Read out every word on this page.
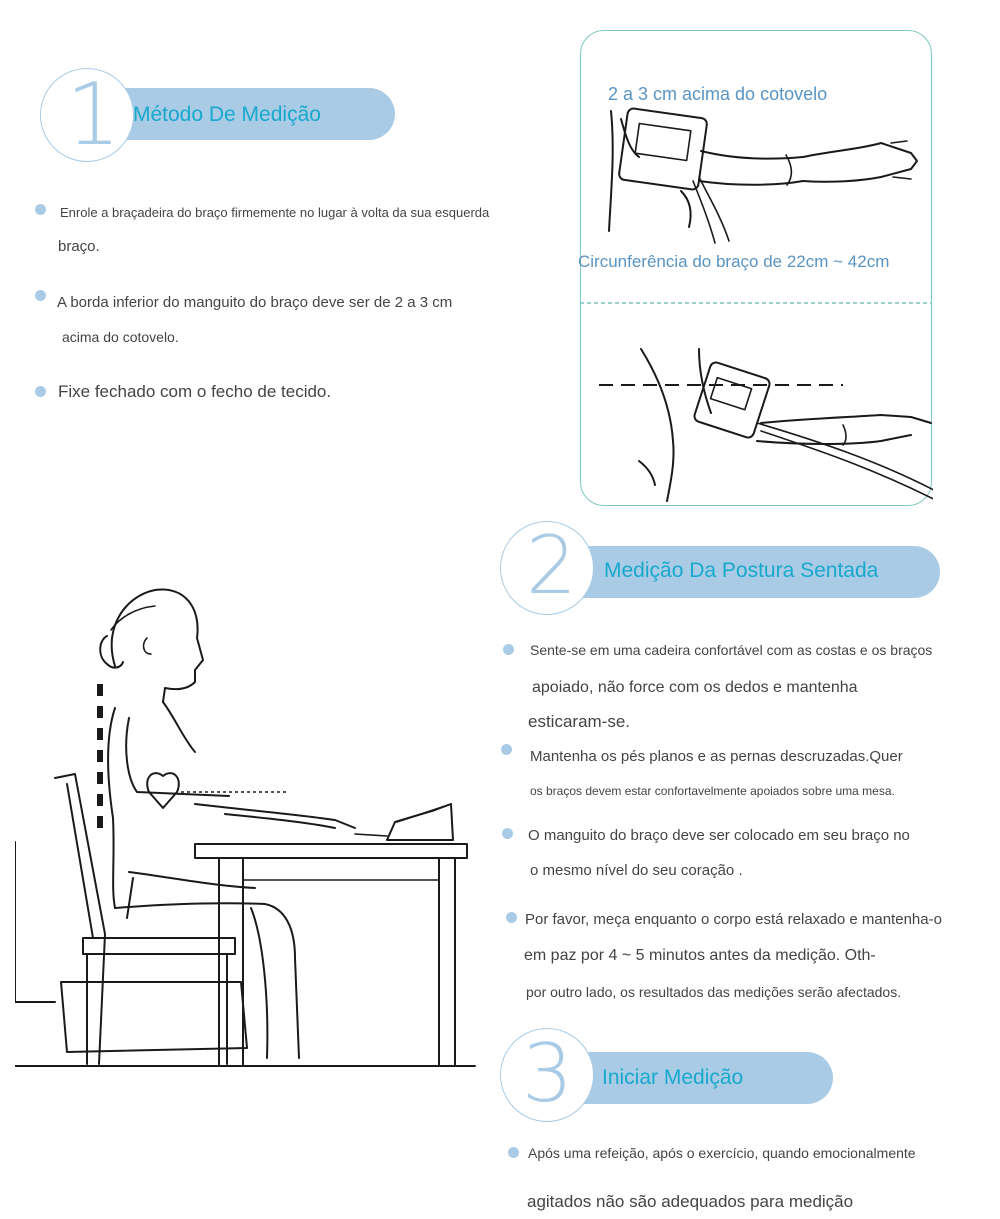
1 Método De Medição
Enrole a braçadeira do braço firmemente no lugar à volta da sua esquerda
braço.
A borda inferior do manguito do braço deve ser de 2 a 3 cm
acima do cotovelo.
Fixe fechado com o fecho de tecido.
2 a 3 cm acima do cotovelo
Circunferência do braço de 22cm ~ 42cm
2 Medição Da Postura Sentada
Sente-se em uma cadeira confortável com as costas e os braços
apoiado, não force com os dedos e mantenha
esticaram-se.
Mantenha os pés planos e as pernas descruzadas.Quer
os braços devem estar confortavelmente apoiados sobre uma mesa.
O manguito do braço deve ser colocado em seu braço no
o mesmo nível do seu coração .
Por favor, meça enquanto o corpo está relaxado e mantenha-o
em paz por 4 ~ 5 minutos antes da medição. Oth-
por outro lado, os resultados das medições serão afectados.
3 Iniciar Medição
Após uma refeição, após o exercício, quando emocionalmente
agitados não são adequados para medição
